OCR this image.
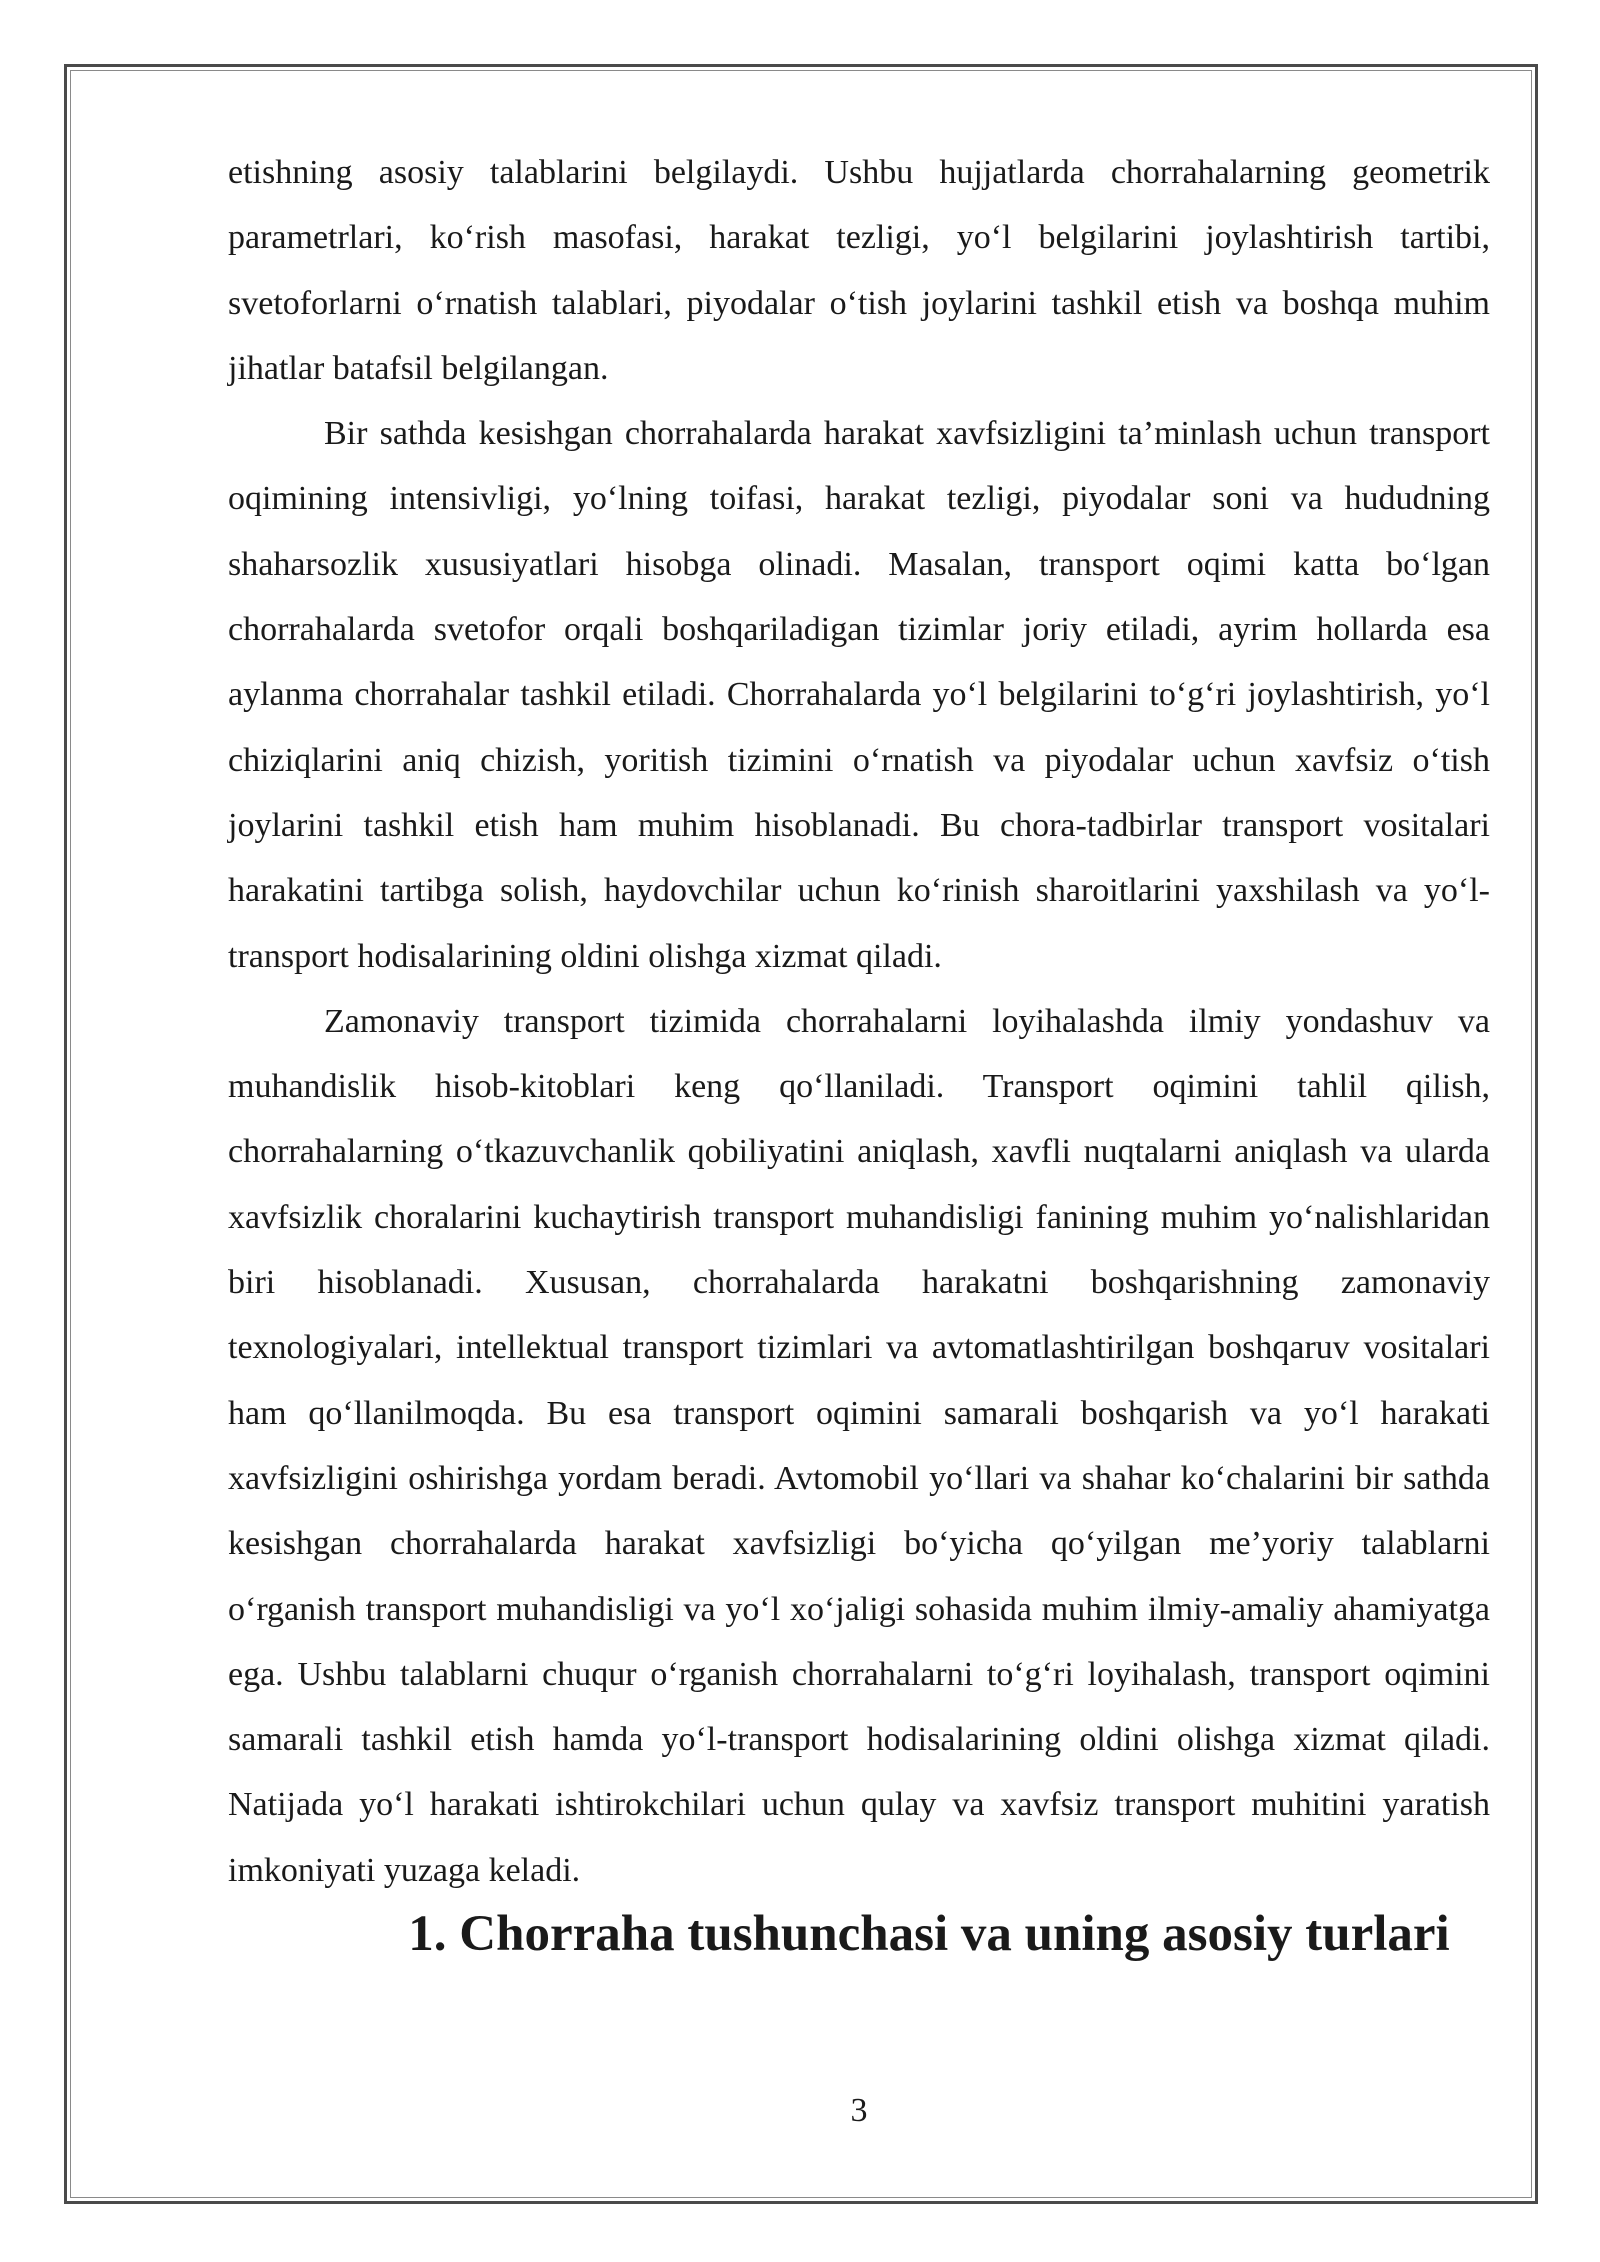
etishning asosiy talablarini belgilaydi. Ushbu hujjatlarda chorrahalarning geometrik parametrlari, ko‘rish masofasi, harakat tezligi, yo‘l belgilarini joylashtirish tartibi, svetoforlarni o‘rnatish talablari, piyodalar o‘tish joylarini tashkil etish va boshqa muhim jihatlar batafsil belgilangan.

Bir sathda kesishgan chorrahalarda harakat xavfsizligini ta’minlash uchun transport oqimining intensivligi, yo‘lning toifasi, harakat tezligi, piyodalar soni va hududning shaharsozlik xususiyatlari hisobga olinadi. Masalan, transport oqimi katta bo‘lgan chorrahalarda svetofor orqali boshqariladigan tizimlar joriy etiladi, ayrim hollarda esa aylanma chorrahalar tashkil etiladi. Chorrahalarda yo‘l belgilarini to‘g‘ri joylashtirish, yo‘l chiziqlarini aniq chizish, yoritish tizimini o‘rnatish va piyodalar uchun xavfsiz o‘tish joylarini tashkil etish ham muhim hisoblanadi. Bu chora-tadbirlar transport vositalari harakatini tartibga solish, haydovchilar uchun ko‘rinish sharoitlarini yaxshilash va yo‘l-transport hodisalarining oldini olishga xizmat qiladi.

Zamonaviy transport tizimida chorrahalarni loyihalashda ilmiy yondashuv va muhandislik hisob-kitoblari keng qo‘llaniladi. Transport oqimini tahlil qilish, chorrahalarning o‘tkazuvchanlik qobiliyatini aniqlash, xavfli nuqtalarni aniqlash va ularda xavfsizlik choralarini kuchaytirish transport muhandisligi fanining muhim yo‘nalishlaridan biri hisoblanadi. Xususan, chorrahalarda harakatni boshqarishning zamonaviy texnologiyalari, intellektual transport tizimlari va avtomatlashtirilgan boshqaruv vositalari ham qo‘llanilmoqda. Bu esa transport oqimini samarali boshqarish va yo‘l harakati xavfsizligini oshirishga yordam beradi. Avtomobil yo‘llari va shahar ko‘chalarini bir sathda kesishgan chorrahalarda harakat xavfsizligi bo‘yicha qo‘yilgan me’yoriy talablarni o‘rganish transport muhandisligi va yo‘l xo‘jaligi sohasida muhim ilmiy-amaliy ahamiyatga ega. Ushbu talablarni chuqur o‘rganish chorrahalarni to‘g‘ri loyihalash, transport oqimini samarali tashkil etish hamda yo‘l-transport hodisalarining oldini olishga xizmat qiladi. Natijada yo‘l harakati ishtirokchilari uchun qulay va xavfsiz transport muhitini yaratish imkoniyati yuzaga keladi.

1. Chorraha tushunchasi va uning asosiy turlari

3
